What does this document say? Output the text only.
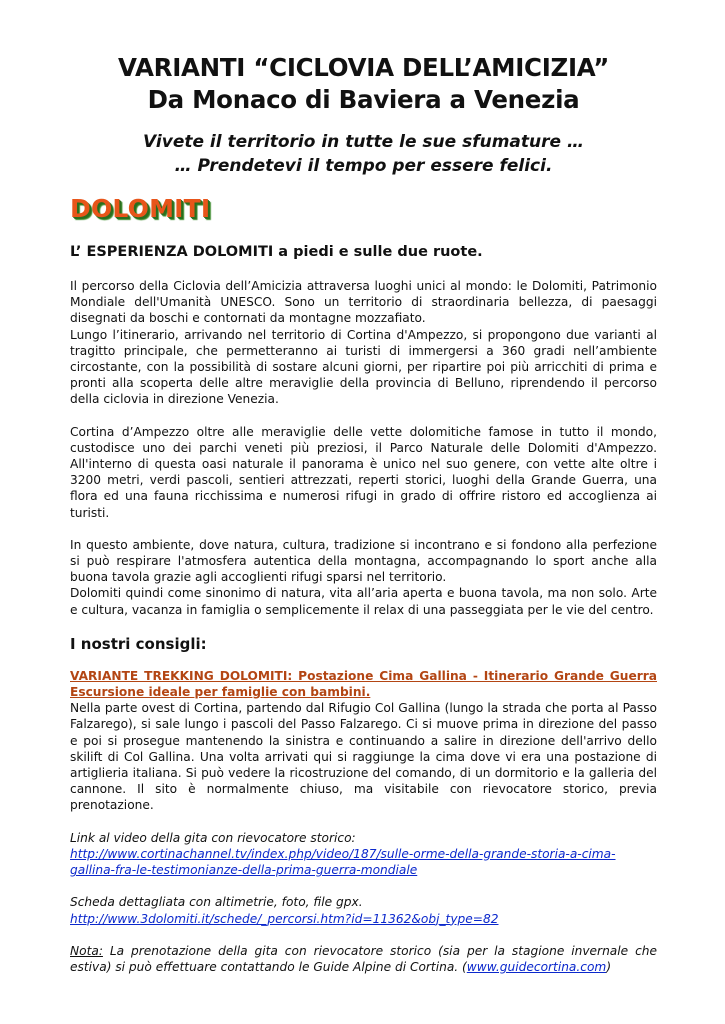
VARIANTI “CICLOVIA DELL’AMICIZIA”
Da Monaco di Baviera a Venezia

Vivete il territorio in tutte le sue sfumature …
… Prendetevi il tempo per essere felici.

DOLOMITI

L’ ESPERIENZA DOLOMITI a piedi e sulle due ruote.

Il percorso della Ciclovia dell’Amicizia attraversa luoghi unici al mondo: le Dolomiti, Patrimonio Mondiale dell'Umanità UNESCO. Sono un territorio di straordinaria bellezza, di paesaggi disegnati da boschi e contornati da montagne mozzafiato.

Lungo l’itinerario, arrivando nel territorio di Cortina d'Ampezzo, si propongono due varianti al tragitto principale, che permetteranno ai turisti di immergersi a 360 gradi nell’ambiente circostante, con la possibilità di sostare alcuni giorni, per ripartire poi più arricchiti di prima e pronti alla scoperta delle altre meraviglie della provincia di Belluno, riprendendo il percorso della ciclovia in direzione Venezia.

Cortina d’Ampezzo oltre alle meraviglie delle vette dolomitiche famose in tutto il mondo, custodisce uno dei parchi veneti più preziosi, il Parco Naturale delle Dolomiti d'Ampezzo. All'interno di questa oasi naturale il panorama è unico nel suo genere, con vette alte oltre i 3200 metri, verdi pascoli, sentieri attrezzati, reperti storici, luoghi della Grande Guerra, una flora ed una fauna ricchissima e numerosi rifugi in grado di offrire ristoro ed accoglienza ai turisti.

In questo ambiente, dove natura, cultura, tradizione si incontrano e si fondono alla perfezione si può respirare l'atmosfera autentica della montagna, accompagnando lo sport anche alla buona tavola grazie agli accoglienti rifugi sparsi nel territorio.

Dolomiti quindi come sinonimo di natura, vita all’aria aperta e buona tavola, ma non solo. Arte e cultura, vacanza in famiglia o semplicemente il relax di una passeggiata per le vie del centro.

I nostri consigli:

VARIANTE TREKKING DOLOMITI: Postazione Cima Gallina - Itinerario Grande Guerra Escursione ideale per famiglie con bambini.

Nella parte ovest di Cortina, partendo dal Rifugio Col Gallina (lungo la strada che porta al Passo Falzarego), si sale lungo i pascoli del Passo Falzarego. Ci si muove prima in direzione del passo e poi si prosegue mantenendo la sinistra e continuando a salire in direzione dell'arrivo dello skilift di Col Gallina. Una volta arrivati qui si raggiunge la cima dove vi era una postazione di artiglieria italiana. Si può vedere la ricostruzione del comando, di un dormitorio e la galleria del cannone. Il sito è normalmente chiuso, ma visitabile con rievocatore storico, previa prenotazione.

Link al video della gita con rievocatore storico:

http://www.cortinachannel.tv/index.php/video/187/sulle-orme-della-grande-storia-a-cima-gallina-fra-le-testimonianze-della-prima-guerra-mondiale

Scheda dettagliata con altimetrie, foto, file gpx.

http://www.3dolomiti.it/schede/_percorsi.htm?id=11362&obj_type=82

Nota: La prenotazione della gita con rievocatore storico (sia per la stagione invernale che estiva) si può effettuare contattando le Guide Alpine di Cortina. (www.guidecortina.com)
